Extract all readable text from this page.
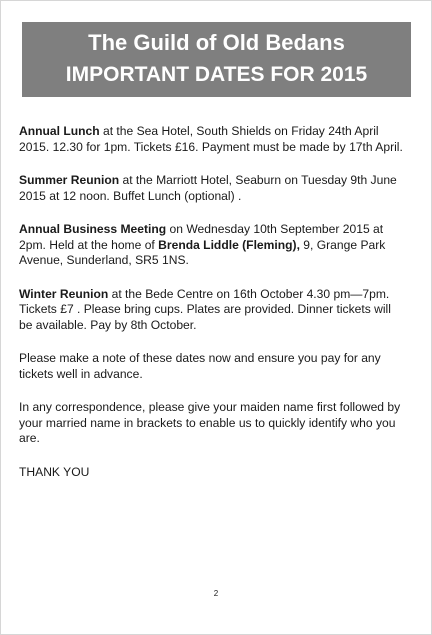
The Guild of Old Bedans
IMPORTANT DATES FOR 2015

Annual Lunch at the Sea Hotel, South Shields on Friday 24th April 2015. 12.30 for 1pm. Tickets £16. Payment must be made by 17th April.

Summer Reunion at the Marriott Hotel, Seaburn on Tuesday 9th June 2015 at 12 noon. Buffet Lunch (optional) .

Annual Business Meeting on Wednesday 10th September 2015 at 2pm. Held at the home of Brenda Liddle (Fleming), 9, Grange Park Avenue, Sunderland, SR5 1NS.

Winter Reunion at the Bede Centre on 16th October 4.30 pm—7pm. Tickets £7 . Please bring cups. Plates are provided. Dinner tickets will be available. Pay by 8th October.

Please make a note of these dates now and ensure you pay for any tickets well in advance.

In any correspondence, please give your maiden name first followed by your married name in brackets to enable us to quickly identify who you are.

THANK YOU

2
